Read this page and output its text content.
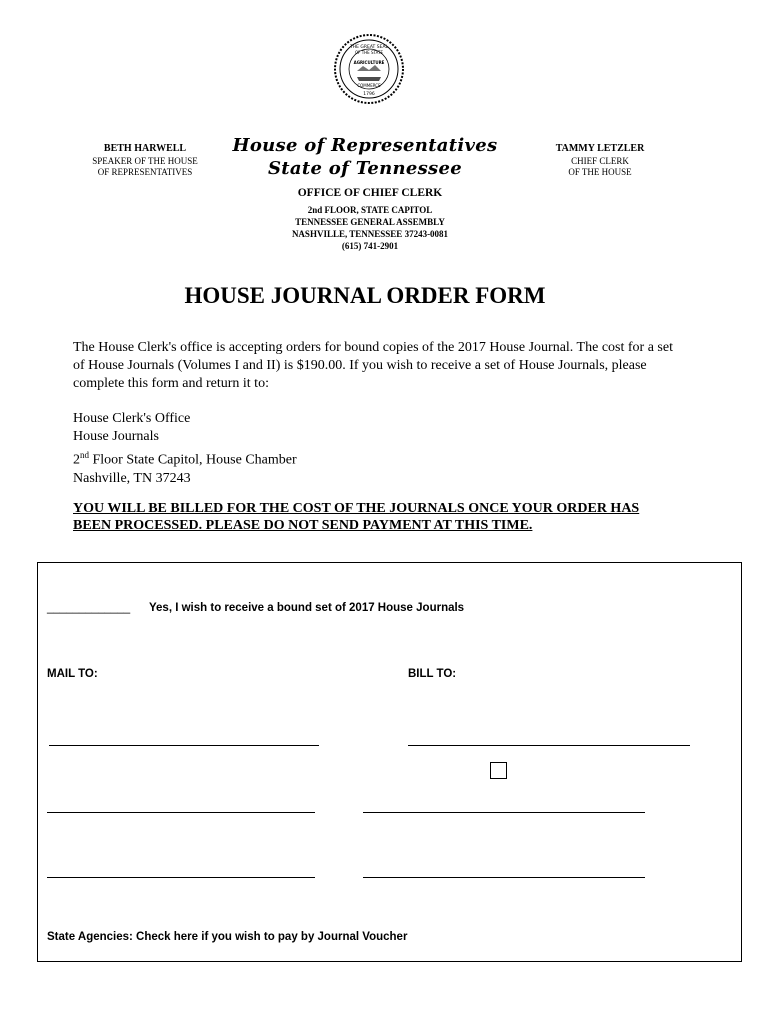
THE GREAT SEAL
OF THE STATE
AGRICULTURE
COMMERCE
1796
BETH HARWELL
SPEAKER OF THE HOUSE
OF REPRESENTATIVES
House of Representatives
State of Tennessee
TAMMY LETZLER
CHIEF CLERK
OF THE HOUSE
OFFICE OF CHIEF CLERK
2nd FLOOR, STATE CAPITOL
TENNESSEE GENERAL ASSEMBLY
NASHVILLE, TENNESSEE 37243-0081
(615) 741-2901
HOUSE JOURNAL ORDER FORM
The House Clerk's office is accepting orders for bound copies of the 2017 House Journal. The cost for a set of House Journals (Volumes I and II) is $190.00. If you wish to receive a set of House Journals, please complete this form and return it to:
House Clerk's Office
House Journals
2nd Floor State Capitol, House Chamber
Nashville, TN 37243
YOU WILL BE BILLED FOR THE COST OF THE JOURNALS ONCE YOUR ORDER HAS BEEN PROCESSED. PLEASE DO NOT SEND PAYMENT AT THIS TIME.
_____________ Yes, I wish to receive a bound set of 2017 House Journals
MAIL TO:	BILL TO:
State Agencies: Check here if you wish to pay by Journal Voucher
